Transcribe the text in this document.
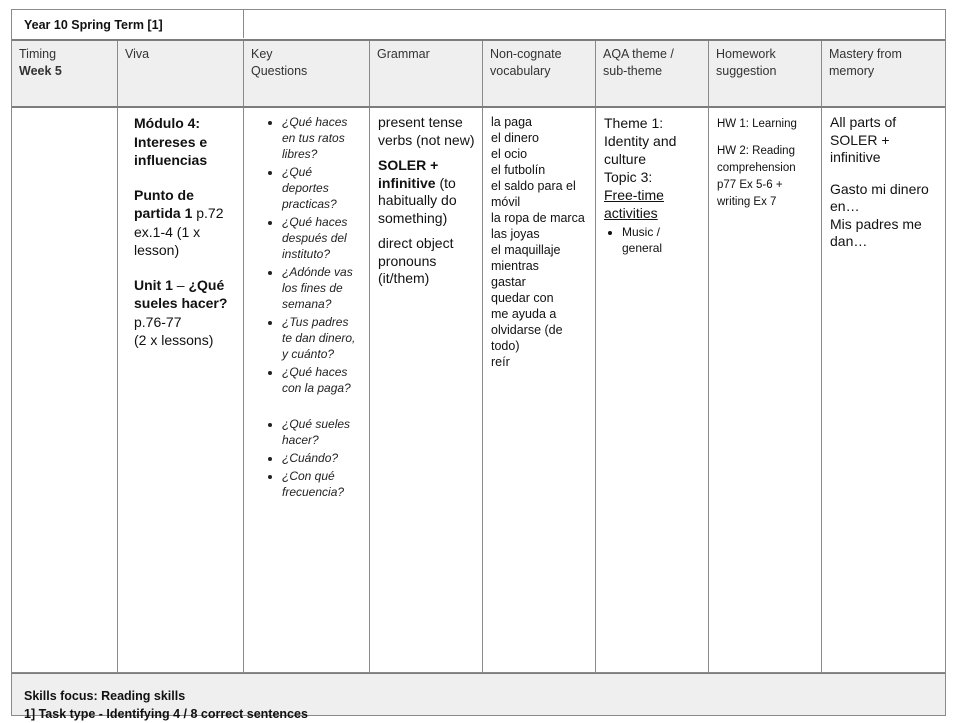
Year 10 Spring Term [1]
Timing
Week 5
Viva	Key Questions
Grammar	Non-cognate vocabulary
AQA theme / sub-theme
Homework suggestion
Mastery from memory

Módulo 4: Intereses e influencias

Punto de partida 1 p.72 ex.1-4 (1 x lesson)

Unit 1 – ¿Qué sueles hacer?

p.76-77

(2 x lessons)

• ¿Qué haces en tus ratos libres?
• ¿Qué deportes practicas?
• ¿Qué haces después del instituto?
• ¿Adónde vas los fines de semana?
• ¿Tus padres te dan dinero, y cuánto?
• ¿Qué haces con la paga?
• ¿Qué sueles hacer?
• ¿Cuándo?
• ¿Con qué frecuencia?

present tense verbs (not new)

SOLER + infinitive (to habitually do something)

direct object pronouns (it/them)

la paga
el dinero
el ocio
el futbolín
el saldo para el móvil
la ropa de marca
las joyas
el maquillaje
mientras
gastar
quedar con
me ayuda a olvidarse (de todo)
reír
Theme 1: Identity and culture
Topic 3:
Free-time activities
• Music / general
HW 1: Learning
HW 2: Reading comprehension p77 Ex 5-6 + writing Ex 7
All parts of SOLER + infinitive
Gasto mi dinero en…
Mis padres me dan…
Skills focus: Reading skills
1] Task type - Identifying 4 / 8 correct sentences
